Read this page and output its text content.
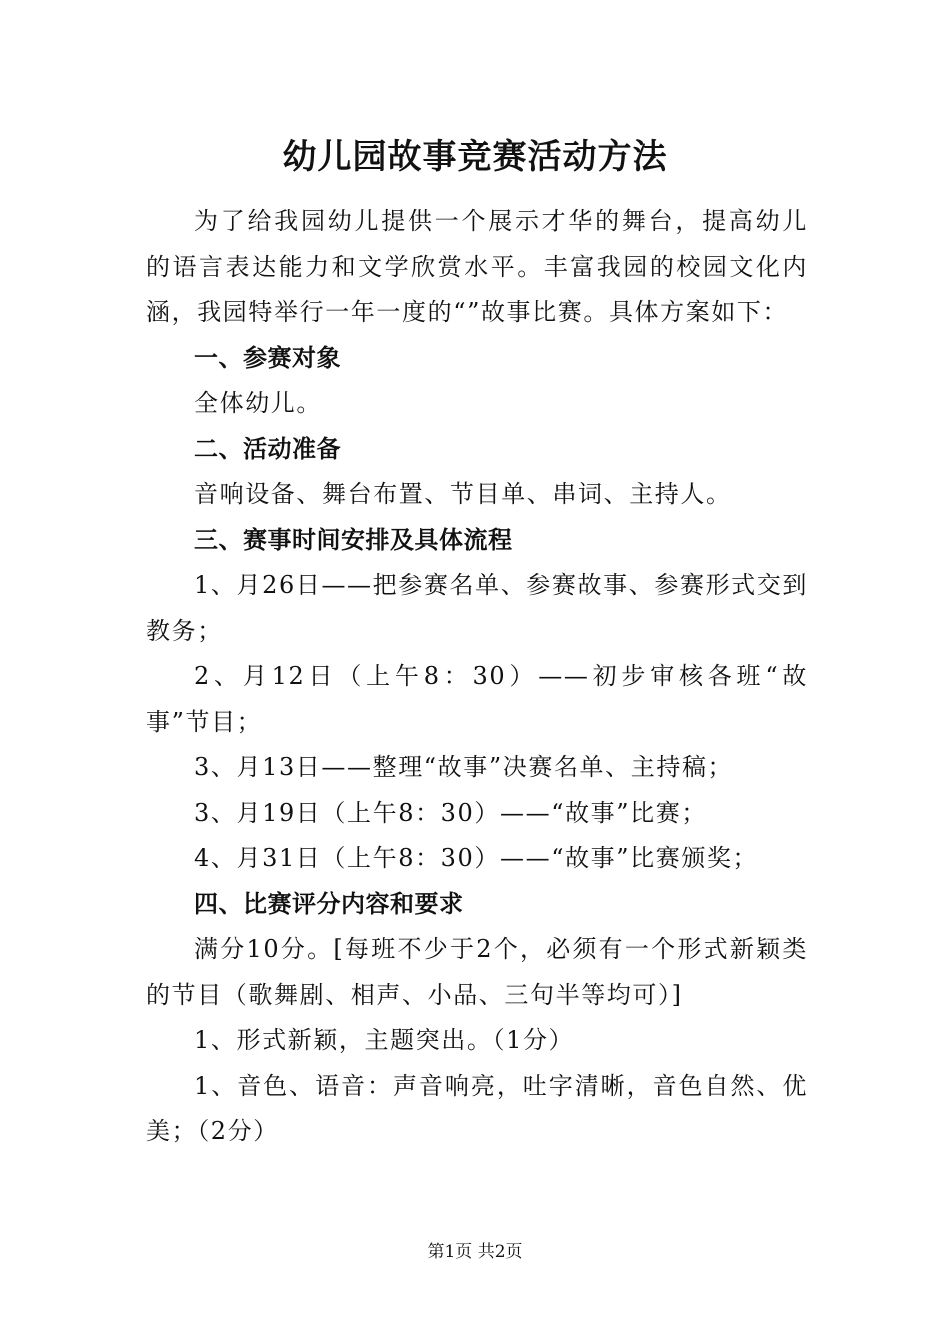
幼儿园故事竞赛活动方法

为了给我园幼儿提供一个展示才华的舞台，提高幼儿的语言表达能力和文学欣赏水平。丰富我园的校园文化内涵，我园特举行一年一度的“”故事比赛。具体方案如下：

一、参赛对象

全体幼儿。

二、活动准备

音响设备、舞台布置、节目单、串词、主持人。

三、赛事时间安排及具体流程

1、月26日——把参赛名单、参赛故事、参赛形式交到教务；

2、月12日（上午8：30）——初步审核各班“故事”节目；

3、月13日——整理“故事”决赛名单、主持稿；

3、月19日（上午8：30）——“故事”比赛；

4、月31日（上午8：30）——“故事”比赛颁奖；

四、比赛评分内容和要求

满分10分。[每班不少于2个，必须有一个形式新颖类的节目（歌舞剧、相声、小品、三句半等均可）]

1、形式新颖，主题突出。（1分）

1、音色、语音：声音响亮，吐字清晰，音色自然、优美；（2分）

第1页 共2页
